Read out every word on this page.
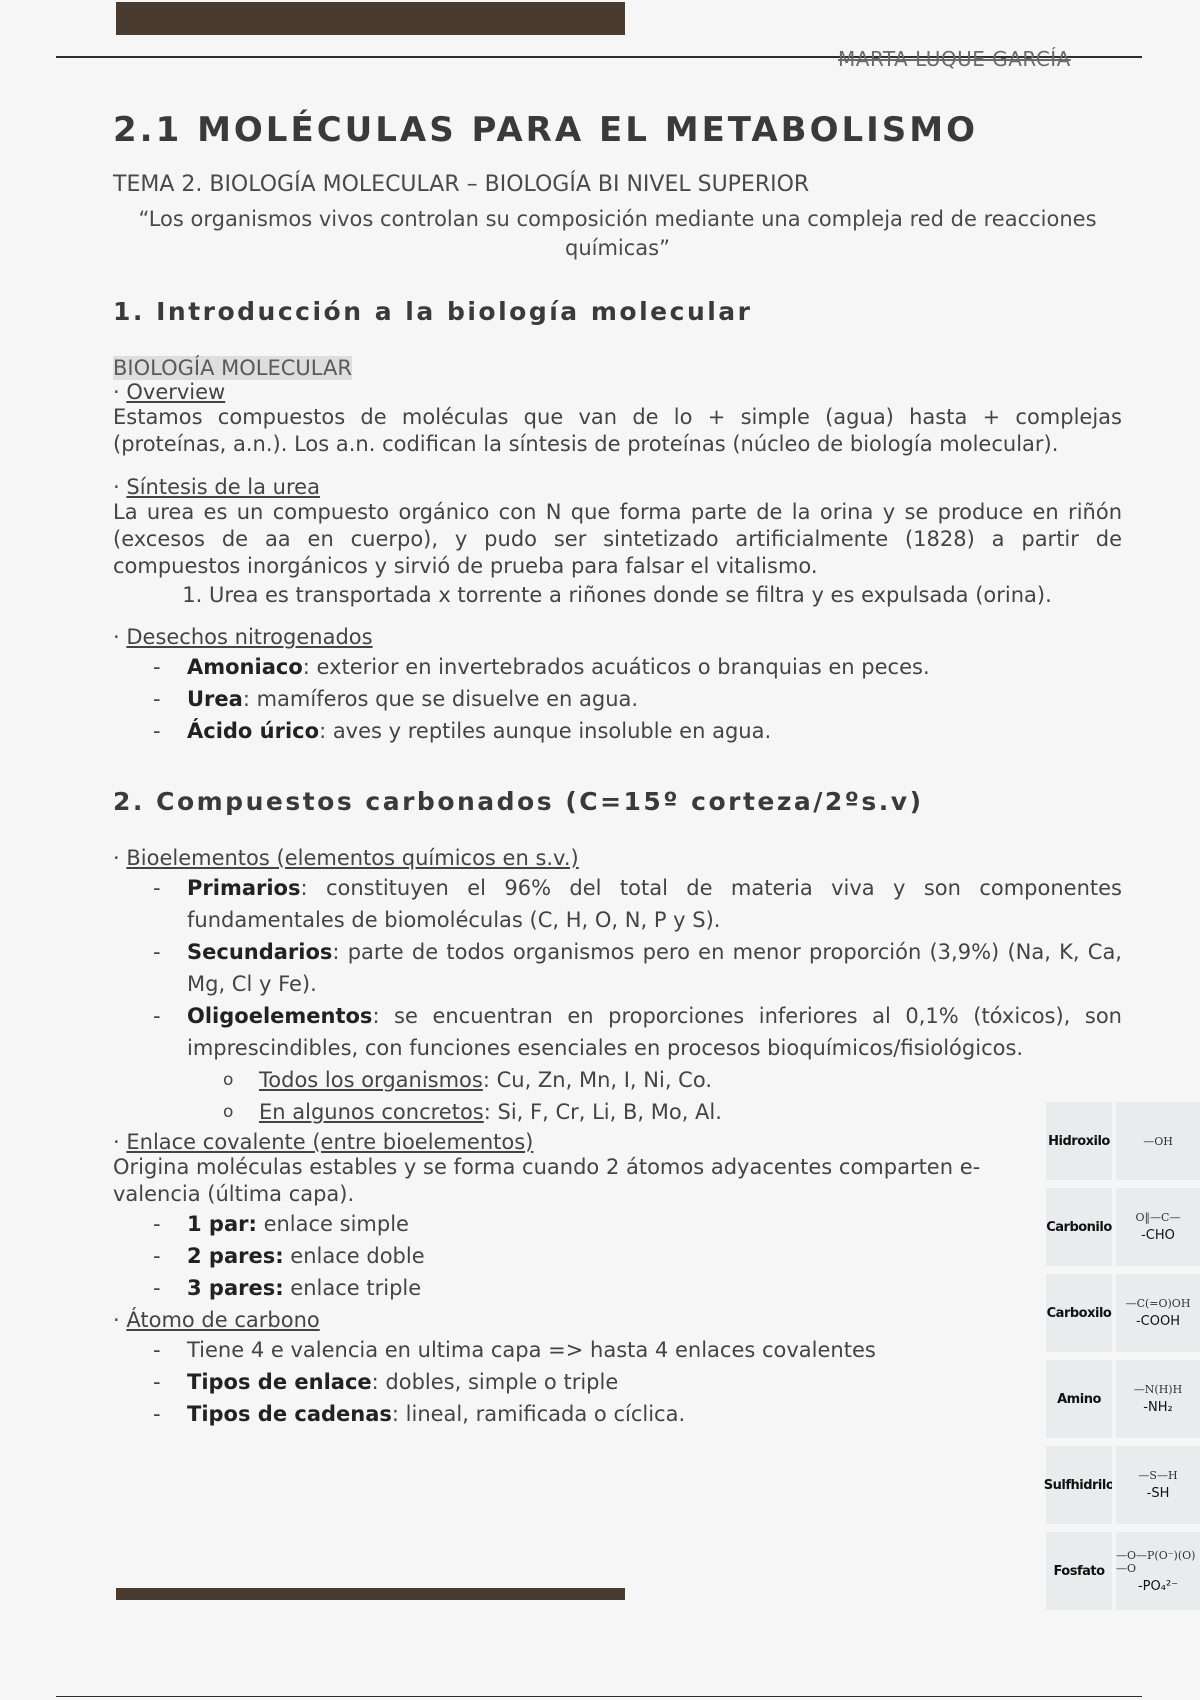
MARTA LUQUE GARCÍA
2.1 MOLÉCULAS PARA EL METABOLISMO
TEMA 2. BIOLOGÍA MOLECULAR – BIOLOGÍA BI NIVEL SUPERIOR
“Los organismos vivos controlan su composición mediante una compleja red de reacciones químicas”
1. Introducción a la biología molecular
BIOLOGÍA MOLECULAR
· Overview

Estamos compuestos de moléculas que van de lo + simple (agua) hasta + complejas (proteínas, a.n.). Los a.n. codifican la síntesis de proteínas (núcleo de biología molecular).

· Síntesis de la urea

La urea es un compuesto orgánico con N que forma parte de la orina y se produce en riñón (excesos de aa en cuerpo), y pudo ser sintetizado artificialmente (1828) a partir de compuestos inorgánicos y sirvió de prueba para falsar el vitalismo.

1. Urea es transportada x torrente a riñones donde se filtra y es expulsada (orina).
· Desechos nitrogenados
- Amoniaco: exterior en invertebrados acuáticos o branquias en peces.
- Urea: mamíferos que se disuelve en agua.
- Ácido úrico: aves y reptiles aunque insoluble en agua.
2. Compuestos carbonados (C=15º corteza/2ºs.v)
· Bioelementos (elementos químicos en s.v.)
- Primarios: constituyen el 96% del total de materia viva y son componentes fundamentales de biomoléculas (C, H, O, N, P y S).
- Secundarios: parte de todos organismos pero en menor proporción (3,9%) (Na, K, Ca, Mg, Cl y Fe).
- Oligoelementos: se encuentran en proporciones inferiores al 0,1% (tóxicos), son imprescindibles, con funciones esenciales en procesos bioquímicos/fisiológicos.
o Todos los organismos: Cu, Zn, Mn, I, Ni, Co.
o En algunos concretos: Si, F, Cr, Li, B, Mo, Al.
· Enlace covalente (entre bioelementos)

Origina moléculas estables y se forma cuando 2 átomos adyacentes comparten e- valencia (última capa).

- 1 par: enlace simple
- 2 pares: enlace doble
- 3 pares: enlace triple
· Átomo de carbono
- Tiene 4 e valencia en ultima capa => hasta 4 enlaces covalentes
- Tipos de enlace: dobles, simple o triple
- Tipos de cadenas: lineal, ramificada o cíclica.
Hidroxilo	—OH
Carbonilo
O‖—C—
-CHO
Carboxilo
—C(=O)OH
-COOH
Amino
—N(H)H
-NH₂
Sulfhidrilo
—S—H
-SH
Fosfato
—O—P(O⁻)(O)—O
-PO₄²⁻
